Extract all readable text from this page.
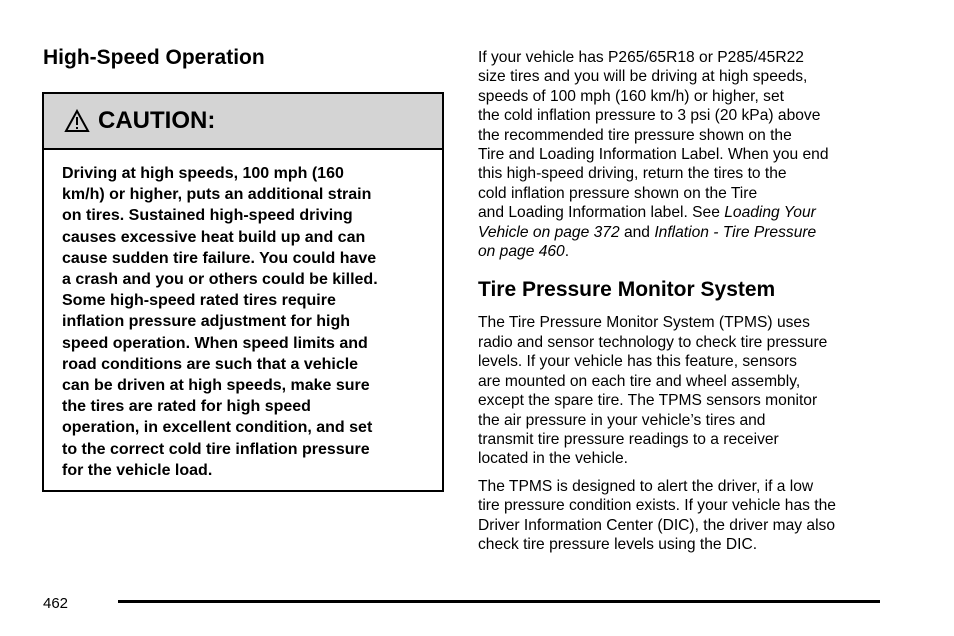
High-Speed Operation
CAUTION:
Driving at high speeds, 100 mph (160
km/h) or higher, puts an additional strain
on tires. Sustained high-speed driving
causes excessive heat build up and can
cause sudden tire failure. You could have
a crash and you or others could be killed.
Some high-speed rated tires require
inflation pressure adjustment for high
speed operation. When speed limits and
road conditions are such that a vehicle
can be driven at high speeds, make sure
the tires are rated for high speed
operation, in excellent condition, and set
to the correct cold tire inflation pressure
for the vehicle load.
If your vehicle has P265/65R18 or P285/45R22
size tires and you will be driving at high speeds,
speeds of 100 mph (160 km/h) or higher, set
the cold inflation pressure to 3 psi (20 kPa) above
the recommended tire pressure shown on the
Tire and Loading Information Label. When you end
this high-speed driving, return the tires to the
cold inflation pressure shown on the Tire
and Loading Information label. See Loading Your
Vehicle on page 372 and Inflation - Tire Pressure
on page 460.
Tire Pressure Monitor System
The Tire Pressure Monitor System (TPMS) uses
radio and sensor technology to check tire pressure
levels. If your vehicle has this feature, sensors
are mounted on each tire and wheel assembly,
except the spare tire. The TPMS sensors monitor
the air pressure in your vehicle’s tires and
transmit tire pressure readings to a receiver
located in the vehicle.
The TPMS is designed to alert the driver, if a low
tire pressure condition exists. If your vehicle has the
Driver Information Center (DIC), the driver may also
check tire pressure levels using the DIC.
462
